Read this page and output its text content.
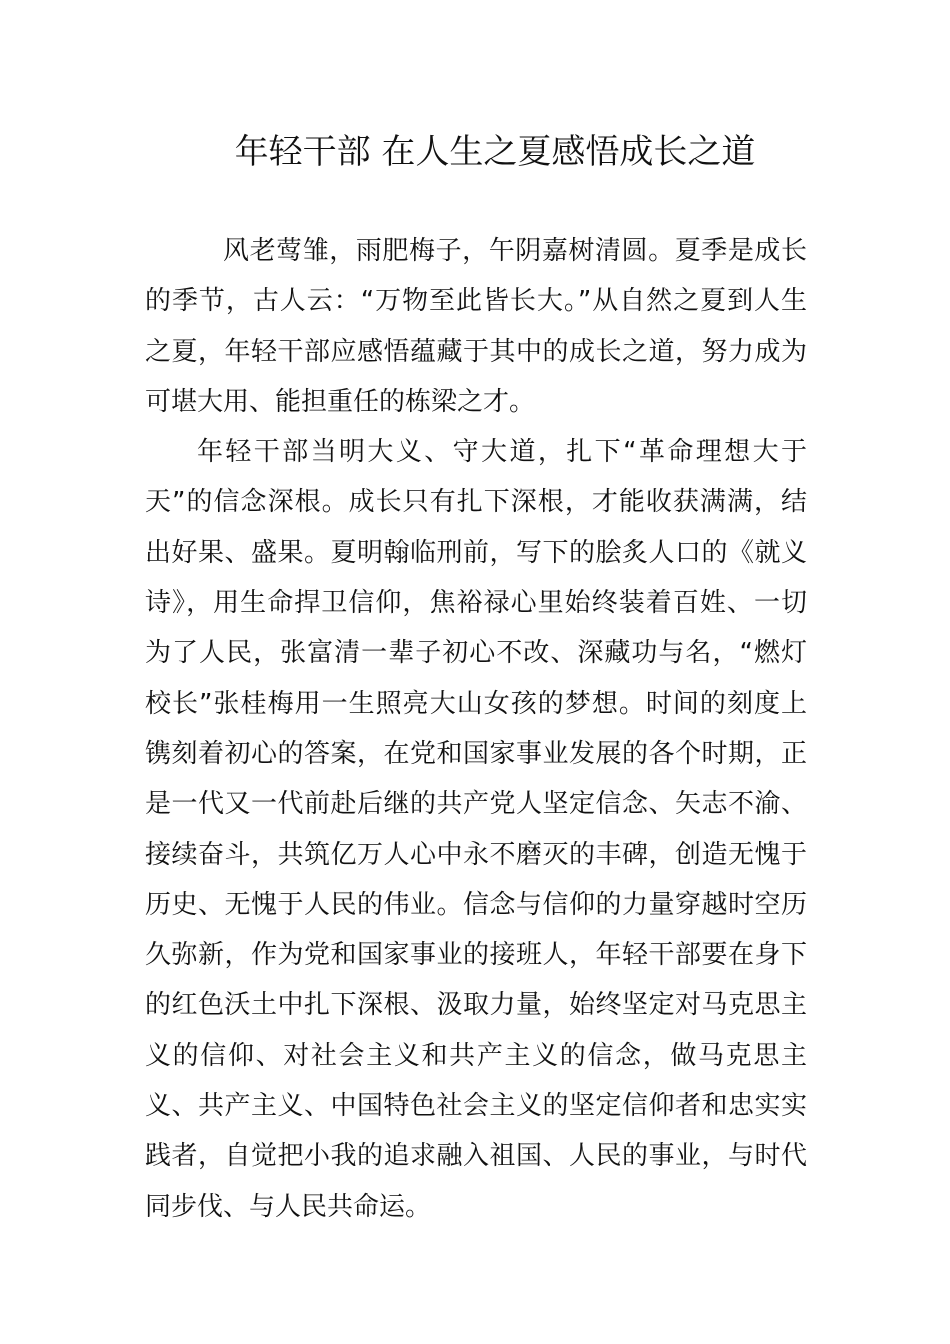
年轻干部 在人生之夏感悟成长之道

风老莺雏，雨肥梅子，午阴嘉树清圆。夏季是成长的季节，古人云：“万物至此皆长大。”从自然之夏到人生之夏，年轻干部应感悟蕴藏于其中的成长之道，努力成为可堪大用、能担重任的栋梁之才。

年轻干部当明大义、守大道，扎下“革命理想大于天”的信念深根。成长只有扎下深根，才能收获满满，结出好果、盛果。夏明翰临刑前，写下的脍炙人口的《就义诗》，用生命捍卫信仰，焦裕禄心里始终装着百姓、一切为了人民，张富清一辈子初心不改、深藏功与名，“燃灯校长”张桂梅用一生照亮大山女孩的梦想。时间的刻度上镌刻着初心的答案，在党和国家事业发展的各个时期，正是一代又一代前赴后继的共产党人坚定信念、矢志不渝、接续奋斗，共筑亿万人心中永不磨灭的丰碑，创造无愧于历史、无愧于人民的伟业。信念与信仰的力量穿越时空历久弥新，作为党和国家事业的接班人，年轻干部要在身下的红色沃土中扎下深根、汲取力量，始终坚定对马克思主义的信仰、对社会主义和共产主义的信念，做马克思主义、共产主义、中国特色社会主义的坚定信仰者和忠实实践者，自觉把小我的追求融入祖国、人民的事业，与时代同步伐、与人民共命运。
